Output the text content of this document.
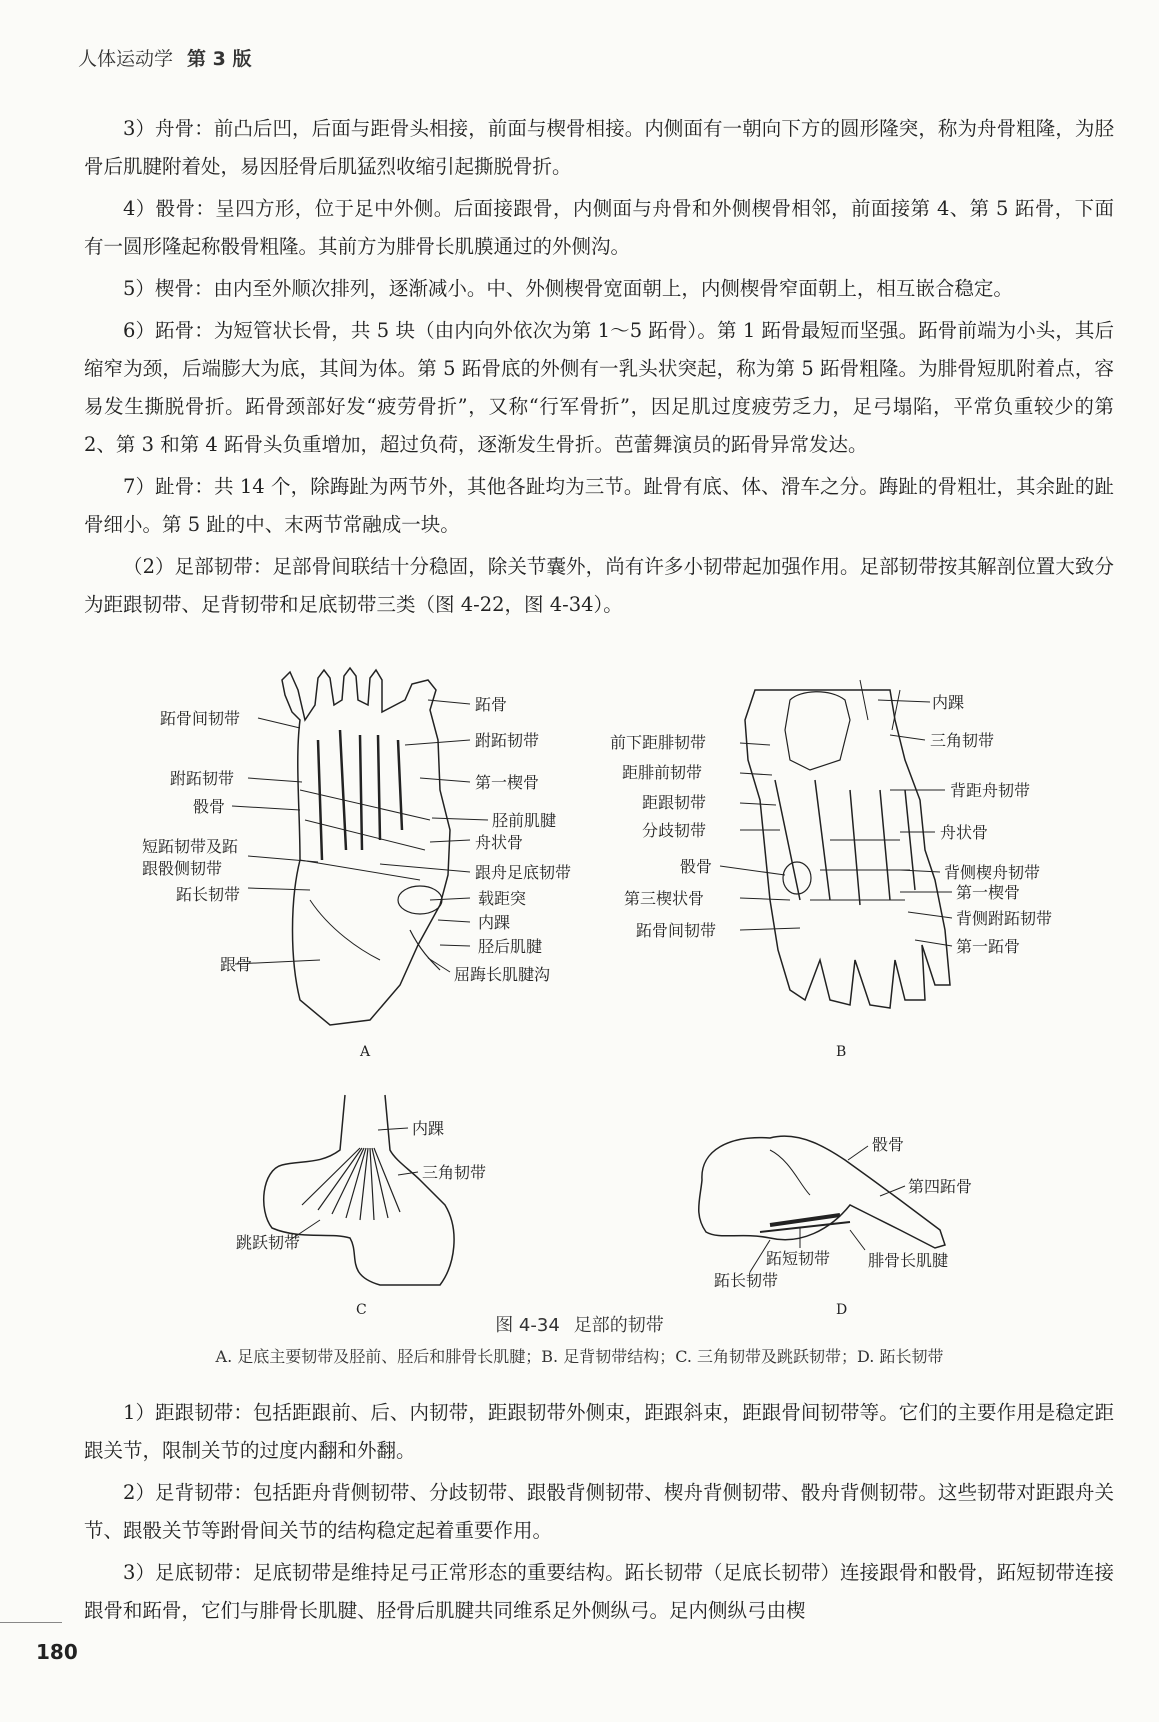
人体运动学 第 3 版

3）舟骨：前凸后凹，后面与距骨头相接，前面与楔骨相接。内侧面有一朝向下方的圆形隆突，称为舟骨粗隆，为胫骨后肌腱附着处，易因胫骨后肌猛烈收缩引起撕脱骨折。

4）骰骨：呈四方形，位于足中外侧。后面接跟骨，内侧面与舟骨和外侧楔骨相邻，前面接第 4、第 5 跖骨，下面有一圆形隆起称骰骨粗隆。其前方为腓骨长肌膜通过的外侧沟。

5）楔骨：由内至外顺次排列，逐渐减小。中、外侧楔骨宽面朝上，内侧楔骨窄面朝上，相互嵌合稳定。

6）跖骨：为短管状长骨，共 5 块（由内向外依次为第 1～5 跖骨）。第 1 跖骨最短而坚强。跖骨前端为小头，其后缩窄为颈，后端膨大为底，其间为体。第 5 跖骨底的外侧有一乳头状突起，称为第 5 跖骨粗隆。为腓骨短肌附着点，容易发生撕脱骨折。跖骨颈部好发“疲劳骨折”，又称“行军骨折”，因足肌过度疲劳乏力，足弓塌陷，平常负重较少的第 2、第 3 和第 4 跖骨头负重增加，超过负荷，逐渐发生骨折。芭蕾舞演员的跖骨异常发达。

7）趾骨：共 14 个，除踇趾为两节外，其他各趾均为三节。趾骨有底、体、滑车之分。踇趾的骨粗壮，其余趾的趾骨细小。第 5 趾的中、末两节常融成一块。

（2）足部韧带：足部骨间联结十分稳固，除关节囊外，尚有许多小韧带起加强作用。足部韧带按其解剖位置大致分为距跟韧带、足背韧带和足底韧带三类（图 4-22，图 4-34）。

跖骨间韧带
跗跖韧带
骰骨
短跖韧带及跖
跟骰侧韧带
跖长韧带
跟骨
跖骨
跗跖韧带
第一楔骨
胫前肌腱
舟状骨
跟舟足底韧带
载距突
内踝
胫后肌腱
屈踇长肌腱沟
A
前下距腓韧带
距腓前韧带
距跟韧带
分歧韧带
骰骨
第三楔状骨
跖骨间韧带
内踝
三角韧带
背距舟韧带
舟状骨
背侧楔舟韧带
第一楔骨
背侧跗跖韧带
第一跖骨
B
内踝
三角韧带
跳跃韧带
C
骰骨
第四跖骨
跖短韧带 腓骨长肌腱
跖长韧带
D
图 4-34 足部的韧带
A. 足底主要韧带及胫前、胫后和腓骨长肌腱；B. 足背韧带结构；C. 三角韧带及跳跃韧带；D. 跖长韧带

1）距跟韧带：包括距跟前、后、内韧带，距跟韧带外侧束，距跟斜束，距跟骨间韧带等。它们的主要作用是稳定距跟关节，限制关节的过度内翻和外翻。

2）足背韧带：包括距舟背侧韧带、分歧韧带、跟骰背侧韧带、楔舟背侧韧带、骰舟背侧韧带。这些韧带对距跟舟关节、跟骰关节等跗骨间关节的结构稳定起着重要作用。

3）足底韧带：足底韧带是维持足弓正常形态的重要结构。跖长韧带（足底长韧带）连接跟骨和骰骨，跖短韧带连接跟骨和跖骨，它们与腓骨长肌腱、胫骨后肌腱共同维系足外侧纵弓。足内侧纵弓由楔

180
